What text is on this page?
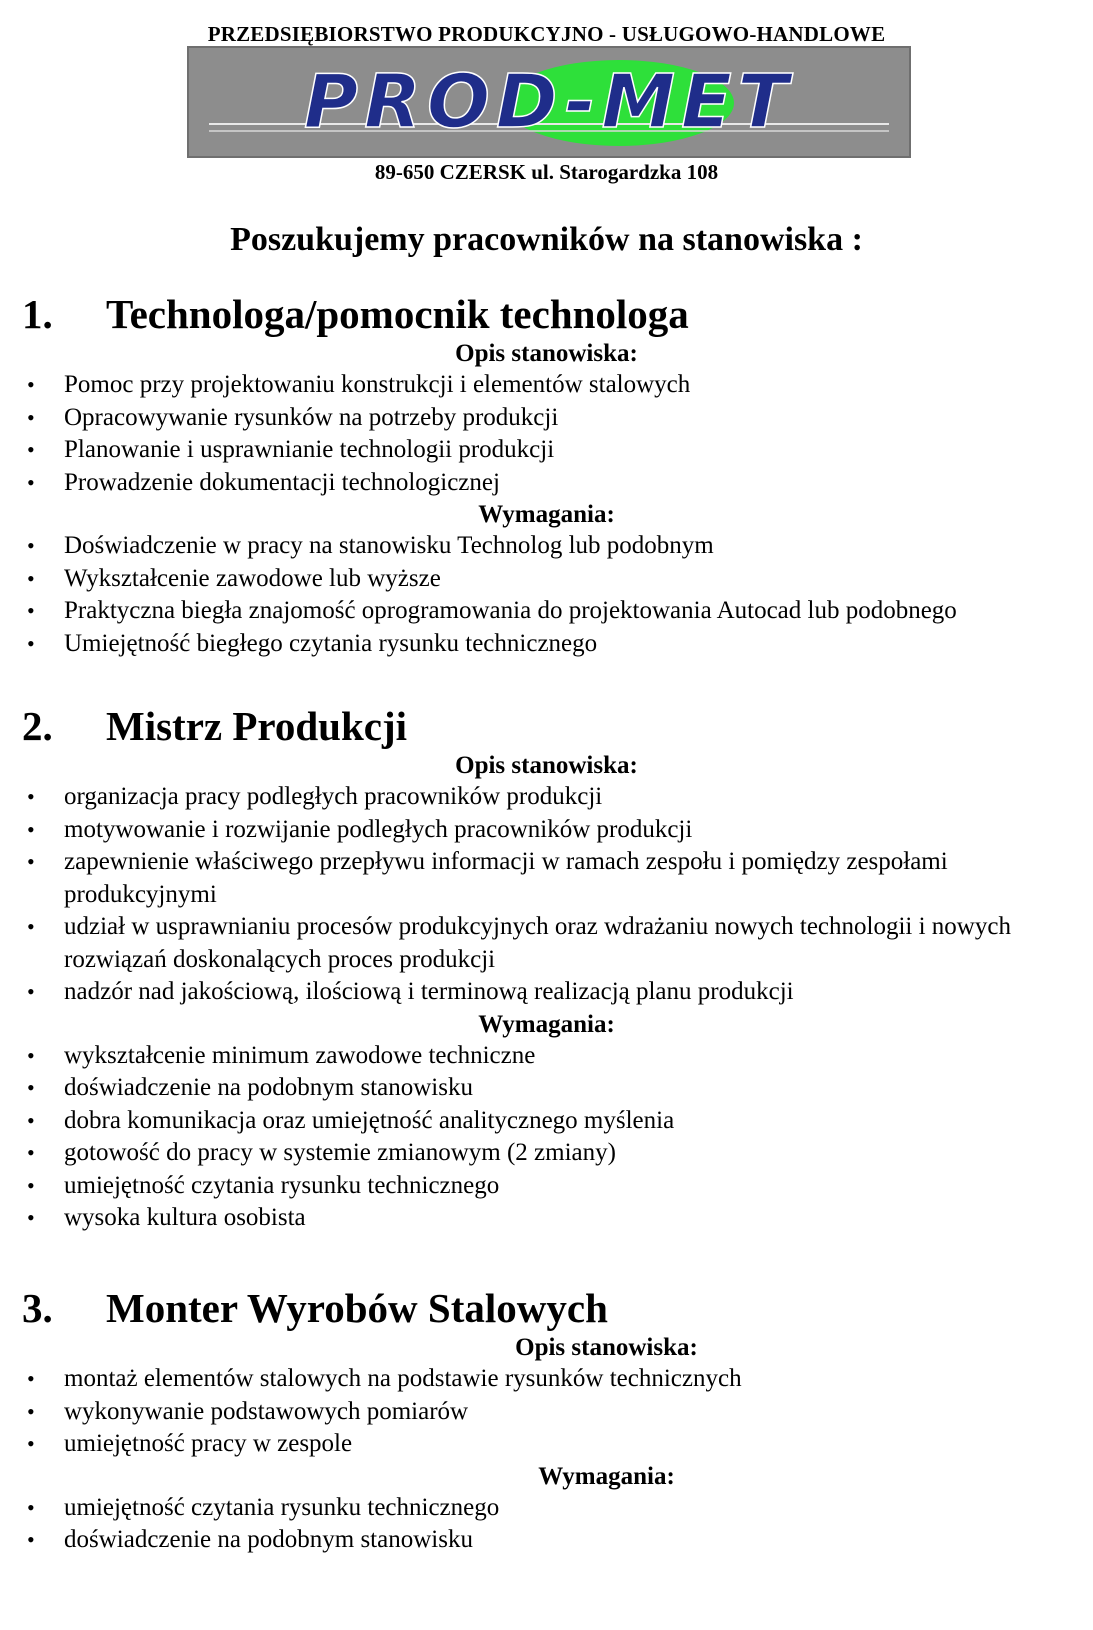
PRZEDSIĘBIORSTWO PRODUKCYJNO - USŁUGOWO-HANDLOWE
PROD-MET
89-650 CZERSK ul. Starogardzka 108
Poszukujemy pracowników na stanowiska :
1. Technologa/pomocnik technologa
Opis stanowiska:
• Pomoc przy projektowaniu konstrukcji i elementów stalowych
• Opracowywanie rysunków na potrzeby produkcji
• Planowanie i usprawnianie technologii produkcji
• Prowadzenie dokumentacji technologicznej
Wymagania:
• Doświadczenie w pracy na stanowisku Technolog lub podobnym
• Wykształcenie zawodowe lub wyższe
• Praktyczna biegła znajomość oprogramowania do projektowania Autocad lub podobnego
• Umiejętność biegłego czytania rysunku technicznego
2. Mistrz Produkcji
Opis stanowiska:
• organizacja pracy podległych pracowników produkcji
• motywowanie i rozwijanie podległych pracowników produkcji
• zapewnienie właściwego przepływu informacji w ramach zespołu i pomiędzy zespołami produkcyjnymi
• udział w usprawnianiu procesów produkcyjnych oraz wdrażaniu nowych technologii i nowych rozwiązań doskonalących proces produkcji
• nadzór nad jakościową, ilościową i terminową realizacją planu produkcji
Wymagania:
• wykształcenie minimum zawodowe techniczne
• doświadczenie na podobnym stanowisku
• dobra komunikacja oraz umiejętność analitycznego myślenia
• gotowość do pracy w systemie zmianowym (2 zmiany)
• umiejętność czytania rysunku technicznego
• wysoka kultura osobista
3. Monter Wyrobów Stalowych
Opis stanowiska:
• montaż elementów stalowych na podstawie rysunków technicznych
• wykonywanie podstawowych pomiarów
• umiejętność pracy w zespole
Wymagania:
• umiejętność czytania rysunku technicznego
• doświadczenie na podobnym stanowisku
